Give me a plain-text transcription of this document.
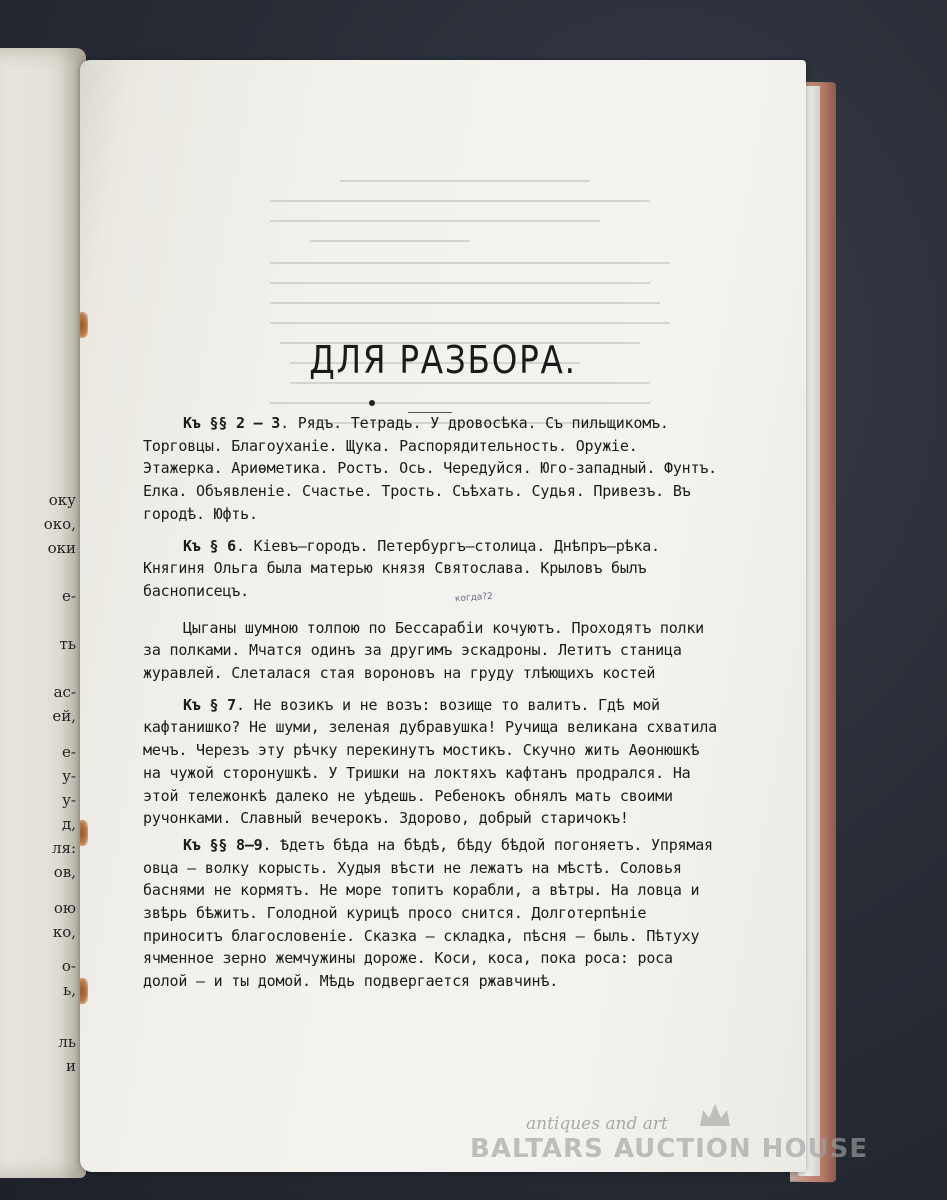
оку
око,
оки
е-
ть
ас-
ей,
е-
у-
у-
д,
ля:
ов,
ою
ко,
о-
ь,
ль
и
ДЛЯ РАЗБОРА.
когда?2

Къ §§ 2 — 3. Рядъ. Тетрадь. У дровосѣка. Съ пильщикомъ. Торговцы. Благоуханіе. Щука. Распорядительность. Оружіе. Этажерка. Ариѳметика. Ростъ. Ось. Чередуйся. Юго-западный. Фунтъ. Елка. Объявленіе. Счастье. Трость. Съѣхать. Судья. Привезъ. Въ городѣ. Юфть.

Къ § 6. Кіевъ—городъ. Петербургъ—столица. Днѣпръ—рѣка. Княгиня Ольга была матерью князя Святослава. Крыловъ былъ баснописецъ.

Цыганы шумною толпою по Бессарабіи кочуютъ. Проходятъ полки за полками. Мчатся одинъ за другимъ эскадроны. Летитъ станица журавлей. Слеталася стая вороновъ на груду тлѣющихъ костей

Къ § 7. Не возикъ и не возъ: возище то валитъ. Гдѣ мой кафтанишко? Не шуми, зеленая дубравушка! Ручища великана схватила мечъ. Черезъ эту рѣчку перекинутъ мостикъ. Скучно жить Аѳонюшкѣ на чужой сторонушкѣ. У Тришки на локтяхъ кафтанъ продрался. На этой тележонкѣ далеко не уѣдешь. Ребенокъ обнялъ мать своими ручонками. Славный вечерокъ. Здорово, добрый старичокъ!

Къ §§ 8—9. Ѣдетъ бѣда на бѣдѣ, бѣду бѣдой погоняетъ. Упрямая овца — волку корысть. Худыя вѣсти не лежатъ на мѣстѣ. Соловья баснями не кормятъ. Не море топитъ корабли, а вѣтры. На ловца и звѣрь бѣжитъ. Голодной курицѣ просо снится. Долготерпѣніе приноситъ благословеніе. Сказка — складка, пѣсня — быль. Пѣтуху ячменное зерно жемчужины дороже. Коси, коса, пока роса: роса долой — и ты домой. Мѣдь подвергается ржавчинѣ.

antiques and art
BALTARS AUCTION HOUSE
